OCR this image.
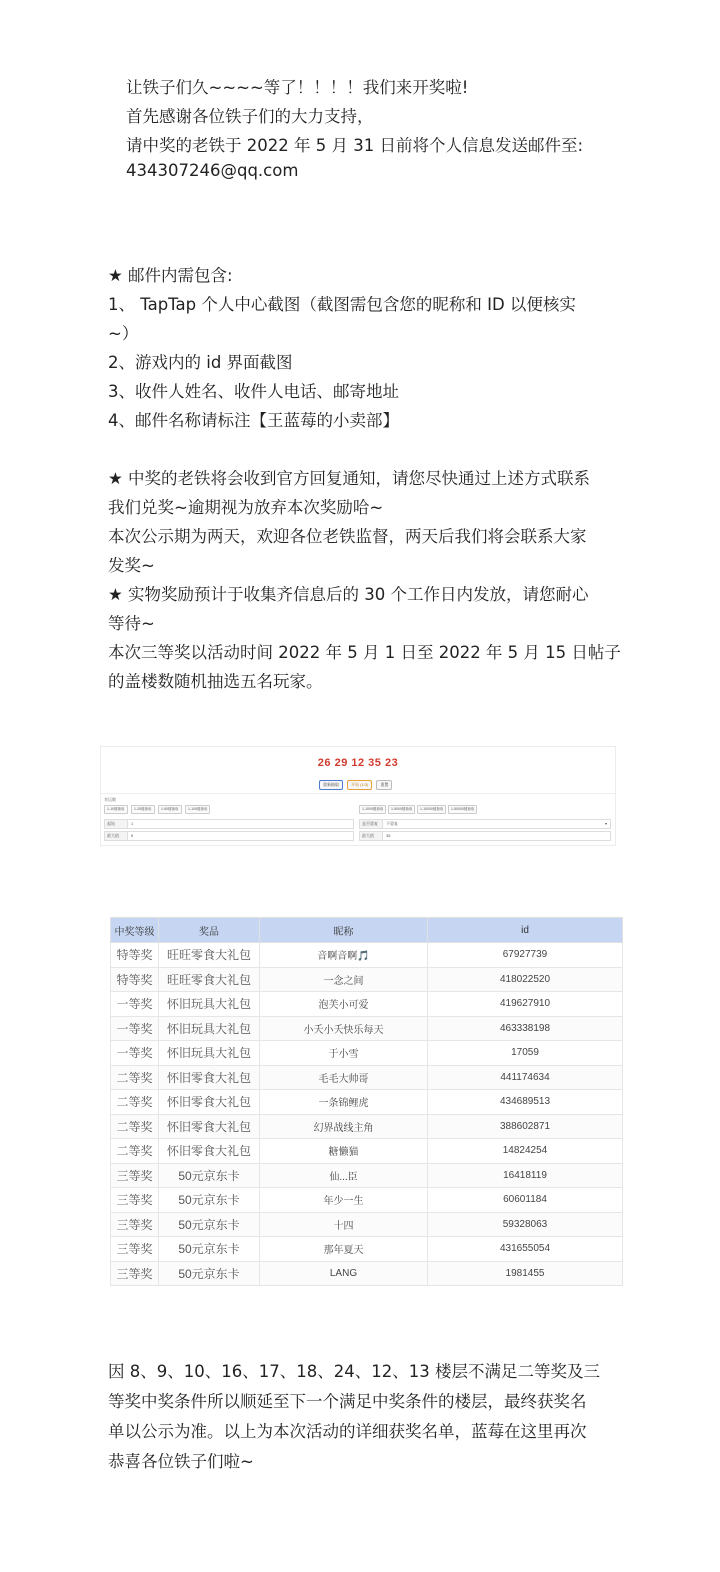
让铁子们久~~~~等了！！！！我们来开奖啦!
首先感谢各位铁子们的大力支持，
请中奖的老铁于 2022 年 5 月 31 日前将个人信息发送邮件至:
434307246@qq.com
★ 邮件内需包含:
1、 TapTap 个人中心截图（截图需包含您的昵称和 ID 以便核实
~）
2、游戏内的 id 界面截图
3、收件人姓名、收件人电话、邮寄地址
4、邮件名称请标注【王蓝莓的小卖部】
★ 中奖的老铁将会收到官方回复通知，请您尽快通过上述方式联系
我们兑奖~逾期视为放弃本次奖励哈~
本次公示期为两天，欢迎各位老铁监督，两天后我们将会联系大家
发奖~
★ 实物奖励预计于收集齐信息后的 30 个工作日内发放，请您耐心
等待~
本次三等奖以活动时间 2022 年 5 月 1 日至 2022 年 5 月 15 日帖子
的盖楼数随机抽选五名玩家。
26 29 12 35 23
重新抽取	开始 (1/3)	重置
幸运数
1-10楼抽取	1-20楼抽取	1-50楼抽取	1-100楼抽取	1-1000楼抽取	1-5000楼抽取	1-10000楼抽取	1-50000楼抽取
起始	1
最大值	5
是否重复 不重复	▾
最大值	35
中奖等级	奖品	昵称	id
特等奖	旺旺零食大礼包	音啊音啊🎵	67927739
特等奖	旺旺零食大礼包	一念之间	418022520
一等奖	怀旧玩具大礼包	泡芙小可爱	419627910
一等奖	怀旧玩具大礼包	小夭小夭快乐每天	463338198
一等奖	怀旧玩具大礼包	于小雪	17059
二等奖	怀旧零食大礼包	毛毛大帅哥	441174634
二等奖	怀旧零食大礼包	一条锦鲤虎	434689513
二等奖	怀旧零食大礼包	幻界战线主角	388602871
二等奖	怀旧零食大礼包	糖懒猫	14824254
三等奖	50元京东卡	仙...臣	16418119
三等奖	50元京东卡	年少一生	60601184
三等奖	50元京东卡	十四	59328063
三等奖	50元京东卡	那年夏天	431655054
三等奖	50元京东卡	LANG	1981455
因 8、9、10、16、17、18、24、12、13 楼层不满足二等奖及三
等奖中奖条件所以顺延至下一个满足中奖条件的楼层，最终获奖名
单以公示为准。以上为本次活动的详细获奖名单，蓝莓在这里再次
恭喜各位铁子们啦~
